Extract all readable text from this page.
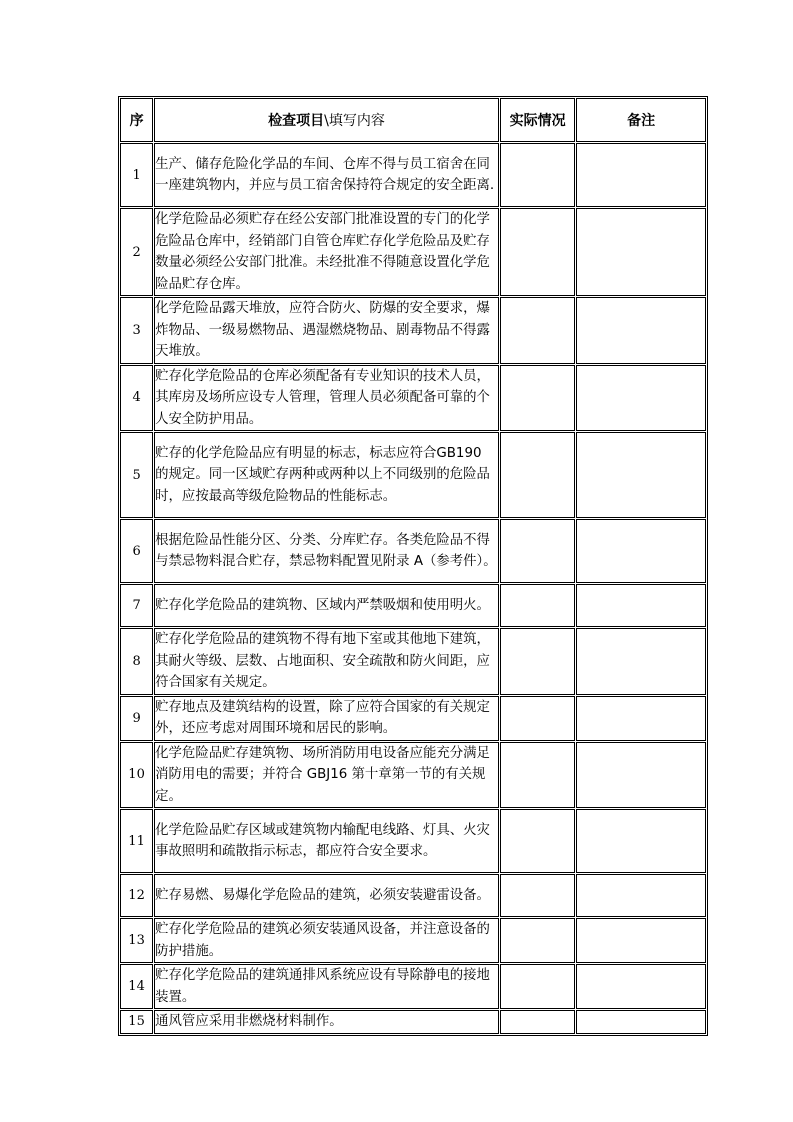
序	检查项目\填写内容	实际情况	备注
1	生产、储存危险化学品的车间、仓库不得与员工宿舍在同一座建筑物内，并应与员工宿舍保持符合规定的安全距离.		
2	化学危险品必须贮存在经公安部门批准设置的专门的化学危险品仓库中，经销部门自管仓库贮存化学危险品及贮存数量必须经公安部门批准。未经批准不得随意设置化学危险品贮存仓库。		
3	化学危险品露天堆放，应符合防火、防爆的安全要求，爆炸物品、一级易燃物品、遇湿燃烧物品、剧毒物品不得露天堆放。		
4	贮存化学危险品的仓库必须配备有专业知识的技术人员，其库房及场所应设专人管理，管理人员必须配备可靠的个人安全防护用品。		
5	贮存的化学危险品应有明显的标志，标志应符合GB190 的规定。同一区域贮存两种或两种以上不同级别的危险品时，应按最高等级危险物品的性能标志。		
6	根据危险品性能分区、分类、分库贮存。各类危险品不得与禁忌物料混合贮存，禁忌物料配置见附录 A（参考件）。		
7	贮存化学危险品的建筑物、区域内严禁吸烟和使用明火。		
8	贮存化学危险品的建筑物不得有地下室或其他地下建筑，其耐火等级、层数、占地面积、安全疏散和防火间距，应符合国家有关规定。		
9	贮存地点及建筑结构的设置，除了应符合国家的有关规定外，还应考虑对周围环境和居民的影响。		
10	化学危险品贮存建筑物、场所消防用电设备应能充分满足消防用电的需要；并符合 GBJ16 第十章第一节的有关规定。		
11	化学危险品贮存区域或建筑物内输配电线路、灯具、火灾事故照明和疏散指示标志，都应符合安全要求。		
12	贮存易燃、易爆化学危险品的建筑，必须安装避雷设备。		
13	贮存化学危险品的建筑必须安装通风设备，并注意设备的防护措施。		
14	贮存化学危险品的建筑通排风系统应设有导除静电的接地装置。		
15	通风管应采用非燃烧材料制作。		
